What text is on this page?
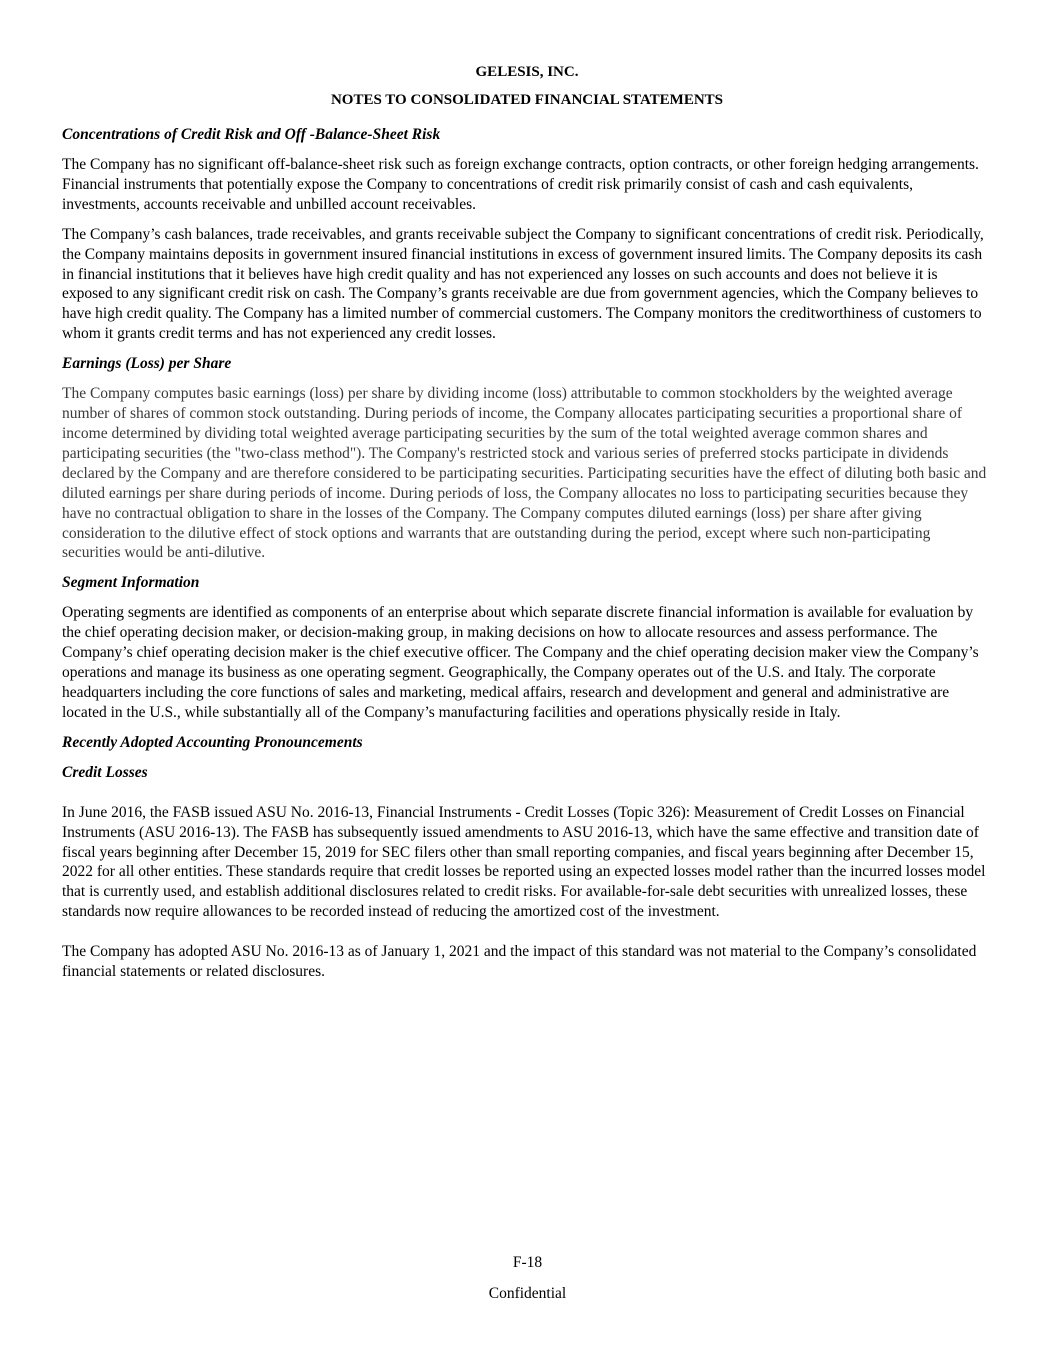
GELESIS, INC.

NOTES TO CONSOLIDATED FINANCIAL STATEMENTS

Concentrations of Credit Risk and Off -Balance-Sheet Risk

The Company has no significant off-balance-sheet risk such as foreign exchange contracts, option contracts, or other foreign hedging arrangements. Financial instruments that potentially expose the Company to concentrations of credit risk primarily consist of cash and cash equivalents, investments, accounts receivable and unbilled account receivables.

The Company’s cash balances, trade receivables, and grants receivable subject the Company to significant concentrations of credit risk. Periodically, the Company maintains deposits in government insured financial institutions in excess of government insured limits. The Company deposits its cash in financial institutions that it believes have high credit quality and has not experienced any losses on such accounts and does not believe it is exposed to any significant credit risk on cash. The Company’s grants receivable are due from government agencies, which the Company believes to have high credit quality. The Company has a limited number of commercial customers. The Company monitors the creditworthiness of customers to whom it grants credit terms and has not experienced any credit losses.

Earnings (Loss) per Share

The Company computes basic earnings (loss) per share by dividing income (loss) attributable to common stockholders by the weighted average number of shares of common stock outstanding. During periods of income, the Company allocates participating securities a proportional share of income determined by dividing total weighted average participating securities by the sum of the total weighted average common shares and participating securities (the "two-class method"). The Company's restricted stock and various series of preferred stocks participate in dividends declared by the Company and are therefore considered to be participating securities. Participating securities have the effect of diluting both basic and diluted earnings per share during periods of income. During periods of loss, the Company allocates no loss to participating securities because they have no contractual obligation to share in the losses of the Company. The Company computes diluted earnings (loss) per share after giving consideration to the dilutive effect of stock options and warrants that are outstanding during the period, except where such non-participating securities would be anti-dilutive.

Segment Information

Operating segments are identified as components of an enterprise about which separate discrete financial information is available for evaluation by the chief operating decision maker, or decision-making group, in making decisions on how to allocate resources and assess performance. The Company’s chief operating decision maker is the chief executive officer. The Company and the chief operating decision maker view the Company’s operations and manage its business as one operating segment. Geographically, the Company operates out of the U.S. and Italy. The corporate headquarters including the core functions of sales and marketing, medical affairs, research and development and general and administrative are located in the U.S., while substantially all of the Company’s manufacturing facilities and operations physically reside in Italy.

Recently Adopted Accounting Pronouncements

Credit Losses

In June 2016, the FASB issued ASU No. 2016-13, Financial Instruments - Credit Losses (Topic 326): Measurement of Credit Losses on Financial Instruments (ASU 2016-13). The FASB has subsequently issued amendments to ASU 2016-13, which have the same effective and transition date of fiscal years beginning after December 15, 2019 for SEC filers other than small reporting companies, and fiscal years beginning after December 15, 2022 for all other entities. These standards require that credit losses be reported using an expected losses model rather than the incurred losses model that is currently used, and establish additional disclosures related to credit risks. For available-for-sale debt securities with unrealized losses, these standards now require allowances to be recorded instead of reducing the amortized cost of the investment.

The Company has adopted ASU No. 2016-13 as of January 1, 2021 and the impact of this standard was not material to the Company’s consolidated financial statements or related disclosures.

F-18
Confidential
